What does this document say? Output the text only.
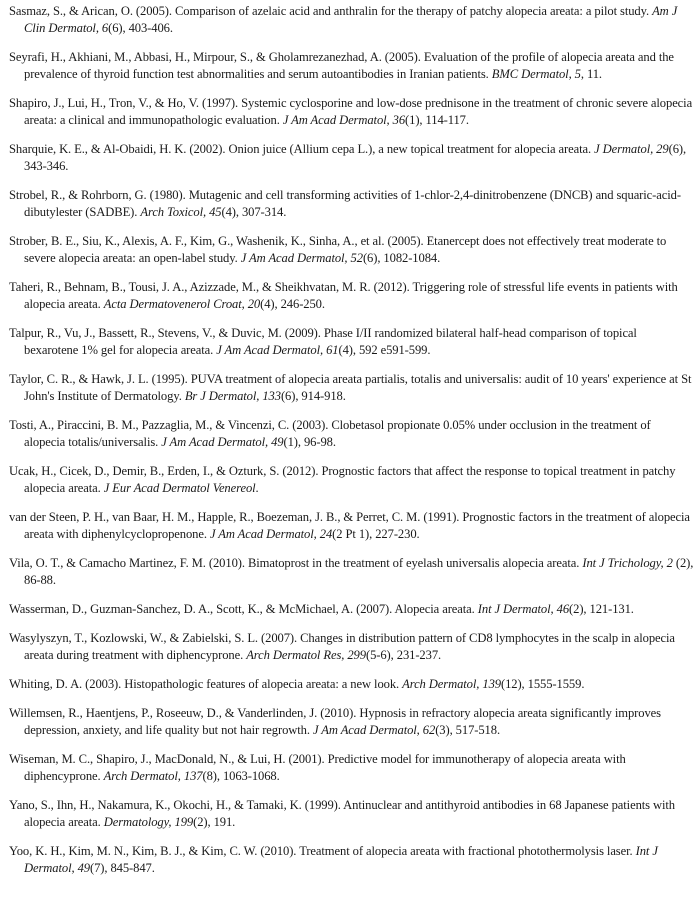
Sasmaz, S., & Arican, O. (2005). Comparison of azelaic acid and anthralin for the therapy of patchy alopecia areata: a pilot study. Am J Clin Dermatol, 6(6), 403-406.

Seyrafi, H., Akhiani, M., Abbasi, H., Mirpour, S., & Gholamrezanezhad, A. (2005). Evaluation of the profile of alopecia areata and the prevalence of thyroid function test abnormalities and serum autoantibodies in Iranian patients. BMC Dermatol, 5, 11.

Shapiro, J., Lui, H., Tron, V., & Ho, V. (1997). Systemic cyclosporine and low-dose prednisone in the treatment of chronic severe alopecia areata: a clinical and immunopathologic evaluation. J Am Acad Dermatol, 36(1), 114-117.

Sharquie, K. E., & Al-Obaidi, H. K. (2002). Onion juice (Allium cepa L.), a new topical treatment for alopecia areata. J Dermatol, 29(6), 343-346.

Strobel, R., & Rohrborn, G. (1980). Mutagenic and cell transforming activities of 1-chlor-2,4-dinitrobenzene (DNCB) and squaric-acid-dibutylester (SADBE). Arch Toxicol, 45(4), 307-314.

Strober, B. E., Siu, K., Alexis, A. F., Kim, G., Washenik, K., Sinha, A., et al. (2005). Etanercept does not effectively treat moderate to severe alopecia areata: an open-label study. J Am Acad Dermatol, 52(6), 1082-1084.

Taheri, R., Behnam, B., Tousi, J. A., Azizzade, M., & Sheikhvatan, M. R. (2012). Triggering role of stressful life events in patients with alopecia areata. Acta Dermatovenerol Croat, 20(4), 246-250.

Talpur, R., Vu, J., Bassett, R., Stevens, V., & Duvic, M. (2009). Phase I/II randomized bilateral half-head comparison of topical bexarotene 1% gel for alopecia areata. J Am Acad Dermatol, 61(4), 592 e591-599.

Taylor, C. R., & Hawk, J. L. (1995). PUVA treatment of alopecia areata partialis, totalis and universalis: audit of 10 years' experience at St John's Institute of Dermatology. Br J Dermatol, 133(6), 914-918.

Tosti, A., Piraccini, B. M., Pazzaglia, M., & Vincenzi, C. (2003). Clobetasol propionate 0.05% under occlusion in the treatment of alopecia totalis/universalis. J Am Acad Dermatol, 49(1), 96-98.

Ucak, H., Cicek, D., Demir, B., Erden, I., & Ozturk, S. (2012). Prognostic factors that affect the response to topical treatment in patchy alopecia areata. J Eur Acad Dermatol Venereol.

van der Steen, P. H., van Baar, H. M., Happle, R., Boezeman, J. B., & Perret, C. M. (1991). Prognostic factors in the treatment of alopecia areata with diphenylcyclopropenone. J Am Acad Dermatol, 24(2 Pt 1), 227-230.

Vila, O. T., & Camacho Martinez, F. M. (2010). Bimatoprost in the treatment of eyelash universalis alopecia areata. Int J Trichology, 2 (2), 86-88.

Wasserman, D., Guzman-Sanchez, D. A., Scott, K., & McMichael, A. (2007). Alopecia areata. Int J Dermatol, 46(2), 121-131.

Wasylyszyn, T., Kozlowski, W., & Zabielski, S. L. (2007). Changes in distribution pattern of CD8 lymphocytes in the scalp in alopecia areata during treatment with diphencyprone. Arch Dermatol Res, 299(5-6), 231-237.

Whiting, D. A. (2003). Histopathologic features of alopecia areata: a new look. Arch Dermatol, 139(12), 1555-1559.

Willemsen, R., Haentjens, P., Roseeuw, D., & Vanderlinden, J. (2010). Hypnosis in refractory alopecia areata significantly improves depression, anxiety, and life quality but not hair regrowth. J Am Acad Dermatol, 62(3), 517-518.

Wiseman, M. C., Shapiro, J., MacDonald, N., & Lui, H. (2001). Predictive model for immunotherapy of alopecia areata with diphencyprone. Arch Dermatol, 137(8), 1063-1068.

Yano, S., Ihn, H., Nakamura, K., Okochi, H., & Tamaki, K. (1999). Antinuclear and antithyroid antibodies in 68 Japanese patients with alopecia areata. Dermatology, 199(2), 191.

Yoo, K. H., Kim, M. N., Kim, B. J., & Kim, C. W. (2010). Treatment of alopecia areata with fractional photothermolysis laser. Int J Dermatol, 49(7), 845-847.
